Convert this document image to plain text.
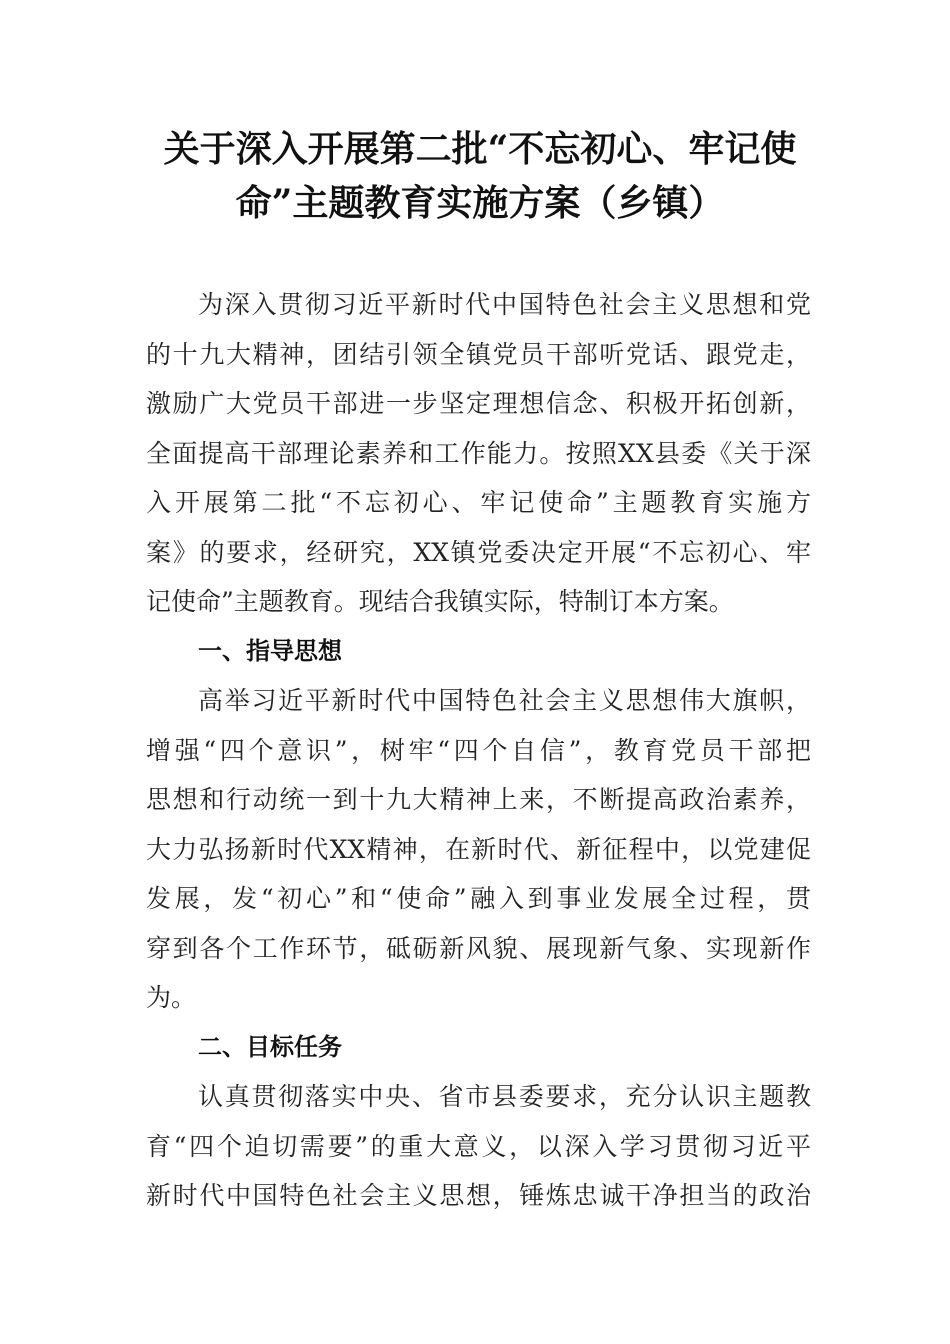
关于深入开展第二批“不忘初心、牢记使
命”主题教育实施方案（乡镇）
为深入贯彻习近平新时代中国特色社会主义思想和党
的十九大精神，团结引领全镇党员干部听党话、跟党走，
激励广大党员干部进一步坚定理想信念、积极开拓创新，
全面提高干部理论素养和工作能力。按照XX县委《关于深
入开展第二批“不忘初心、牢记使命”主题教育实施方
案》的要求，经研究，XX镇党委决定开展“不忘初心、牢
记使命”主题教育。现结合我镇实际，特制订本方案。
一、指导思想
高举习近平新时代中国特色社会主义思想伟大旗帜，
增强“四个意识”，树牢“四个自信”，教育党员干部把
思想和行动统一到十九大精神上来，不断提高政治素养，
大力弘扬新时代XX精神，在新时代、新征程中，以党建促
发展，发“初心”和“使命”融入到事业发展全过程，贯
穿到各个工作环节，砥砺新风貌、展现新气象、实现新作
为。
二、目标任务
认真贯彻落实中央、省市县委要求，充分认识主题教
育“四个迫切需要”的重大意义，以深入学习贯彻习近平
新时代中国特色社会主义思想，锤炼忠诚干净担当的政治
